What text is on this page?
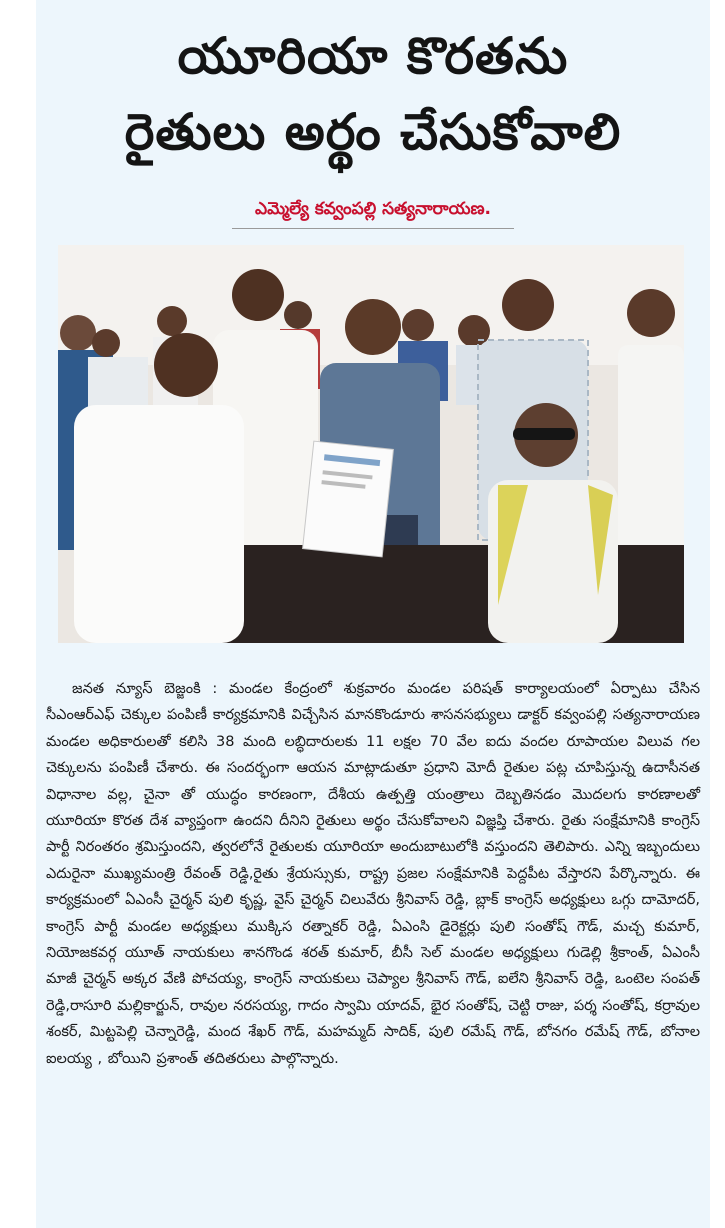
యూరియా కొరతను
రైతులు అర్థం చేసుకోవాలి
ఎమ్మెల్యే కవ్వంపల్లి సత్యనారాయణ.
జనత న్యూస్ బెజ్జంకి : మండల కేంద్రంలో శుక్రవారం మండల పరిషత్ కార్యాలయంలో ఏర్పాటు చేసిన సీఎంఆర్ఎఫ్ చెక్కుల పంపిణీ కార్యక్రమానికి విచ్చేసిన మానకొండూరు శాసనసభ్యులు డాక్టర్ కవ్వంపల్లి సత్యనారాయణ మండల అధికారులతో కలిసి 38 మంది లబ్ధిదారులకు 11 లక్షల 70 వేల ఐదు వందల రూపాయల విలువ గల చెక్కులను పంపిణీ చేశారు. ఈ సందర్భంగా ఆయన మాట్లాడుతూ ప్రధాని మోదీ రైతుల పట్ల చూపిస్తున్న ఉదాసీనత విధానాల వల్ల, చైనా తో యుద్ధం కారణంగా, దేశీయ ఉత్పత్తి యంత్రాలు దెబ్బతినడం మొదలగు కారణాలతో యూరియా కొరత దేశ వ్యాప్తంగా ఉందని దీనిని రైతులు అర్థం చేసుకోవాలని విజ్ఞప్తి చేశారు. రైతు సంక్షేమానికి కాంగ్రెస్ పార్టీ నిరంతరం శ్రమిస్తుందని, త్వరలోనే రైతులకు యూరియా అందుబాటులోకి వస్తుందని తెలిపారు. ఎన్ని ఇబ్బందులు ఎదురైనా ముఖ్యమంత్రి రేవంత్ రెడ్డి,రైతు శ్రేయస్సుకు, రాష్ట్ర ప్రజల సంక్షేమానికి పెద్దపీట వేస్తారని పేర్కొన్నారు. ఈ కార్యక్రమంలో ఏఎంసీ చైర్మన్ పులి కృష్ణ, వైస్ చైర్మన్ చిలువేరు శ్రీనివాస్ రెడ్డి, బ్లాక్ కాంగ్రెస్ అధ్యక్షులు ఒగ్గు దామోదర్, కాంగ్రెస్ పార్టీ మండల అధ్యక్షులు ముక్కిస రత్నాకర్ రెడ్డి, ఏఎంసి డైరెక్టర్లు పులి సంతోష్ గౌడ్, మచ్చ కుమార్, నియోజకవర్గ యూత్ నాయకులు శానగొండ శరత్ కుమార్, బీసీ సెల్ మండల అధ్యక్షులు గుడెల్లి శ్రీకాంత్, ఏఎంసీ మాజీ చైర్మన్ అక్కర వేణి పోచయ్య, కాంగ్రెస్ నాయకులు చెప్యాల శ్రీనివాస్ గౌడ్, ఐలేని శ్రీనివాస్ రెడ్డి, ఒంటెల సంపత్ రెడ్డి,రాసూరి మల్లికార్జున్, రావుల నరసయ్య, గాదం స్వామి యాదవ్, భైర సంతోష్, చెట్టి రాజు, పర్శ సంతోష్, కర్రావుల శంకర్, మిట్టపెల్లి చెన్నారెడ్డి, మంద శేఖర్ గౌడ్, మహమ్మద్ సాదిక్, పులి రమేష్ గౌడ్, బోనగం రమేష్ గౌడ్, బోనాల ఐలయ్య , బోయిని ప్రశాంత్ తదితరులు పాల్గొన్నారు.
